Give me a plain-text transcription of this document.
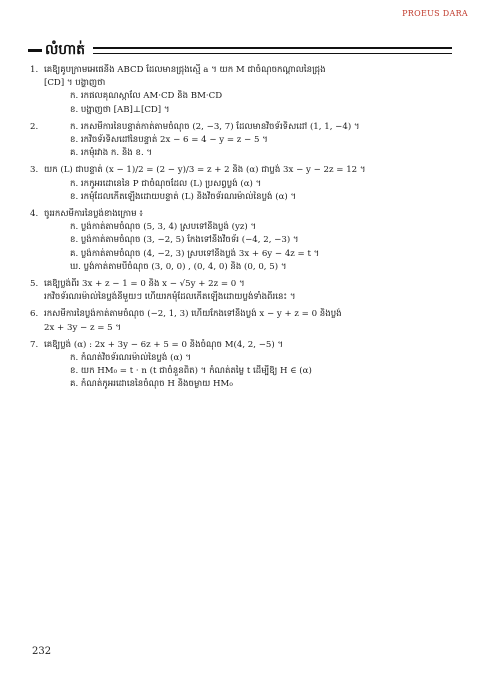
PROEUS DARA
លំហាត់
1. គេឱ្យគូបក្រាមអេផេនីង ABCD ដែលមានជ្រុងស្មើ a ។ យក M ជាចំណុចកណ្តាលនៃជ្រុង
[CD] ។ បង្ហាញថា
ក. រកផលគុណស្កាលែ AM·CD និង BM·CD
ខ. បង្ហាញថា [AB]⊥[CD] ។
2.	ក. រកសមីការនៃបន្ទាត់កាត់តាមចំណុច (2, −3, 7) ដែលមានវិចទ័រទិសដៅ (1, 1, −4) ។
ខ. រកវិចទ័រទិសដៅនៃបន្ទាត់ 2x − 6 = 4 − y = z − 5 ។
គ. រកមុំរវាង ក. និង ខ. ។
3. យក (L) ជាបន្ទាត់ (x − 1)/2 = (2 − y)/3 = z + 2 និង (α) ជាប្លង់ 3x − y − 2z = 12 ។
ក. រកកូអរដោនេនៃ P ជាចំណុចដែល (L) ប្រសព្វប្លង់ (α) ។
ខ. រកមុំដែលកើតឡើងដោយបន្ទាត់ (L) និងវិចទ័រណរម៉ាល់នៃប្លង់ (α) ។
4. ចូររកសមីការនៃប្លង់ខាងក្រោម ៖
ក. ប្លង់កាត់តាមចំណុច (5, 3, 4) ស្របទៅនឹងប្លង់ (yz) ។
ខ. ប្លង់កាត់តាមចំណុច (3, −2, 5) កែងទៅនឹងវិចទ័រ (−4, 2, −3) ។
គ. ប្លង់កាត់តាមចំណុច (4, −2, 3) ស្របទៅនឹងប្លង់ 3x + 6y − 4z = t ។
ឃ. ប្លង់កាត់តាមបីចំណុច (3, 0, 0) , (0, 4, 0) និង (0, 0, 5) ។
5. គេឱ្យប្លង់ពីរ 3x + z − 1 = 0 និង x − √5y + 2z = 0 ។
រកវិចទ័រណរម៉ាល់នៃប្លង់នីមួយៗ ហើយរកមុំដែលកើតឡើងដោយប្លង់ទាំងពីរនេះ ។
6. រកសមីការនៃប្លង់កាត់តាមចំណុច (−2, 1, 3) ហើយកែងទៅនឹងប្លង់ x − y + z = 0 និងប្លង់
2x + 3y − z = 5 ។
7. គេឱ្យប្លង់ (α) : 2x + 3y − 6z + 5 = 0 និងចំណុច M(4, 2, −5) ។
ក. កំណត់វិចទ័រណរម៉ាល់នៃប្លង់ (α) ។
ខ. យក HM₀ = t · n (t ជាចំនួនពិត) ។ កំណត់តម្លៃ t ដើម្បីឱ្យ H ∈ (α)
គ. កំណត់កូអរដោនេនៃចំណុច H និងចម្ងាយ HM₀
232
